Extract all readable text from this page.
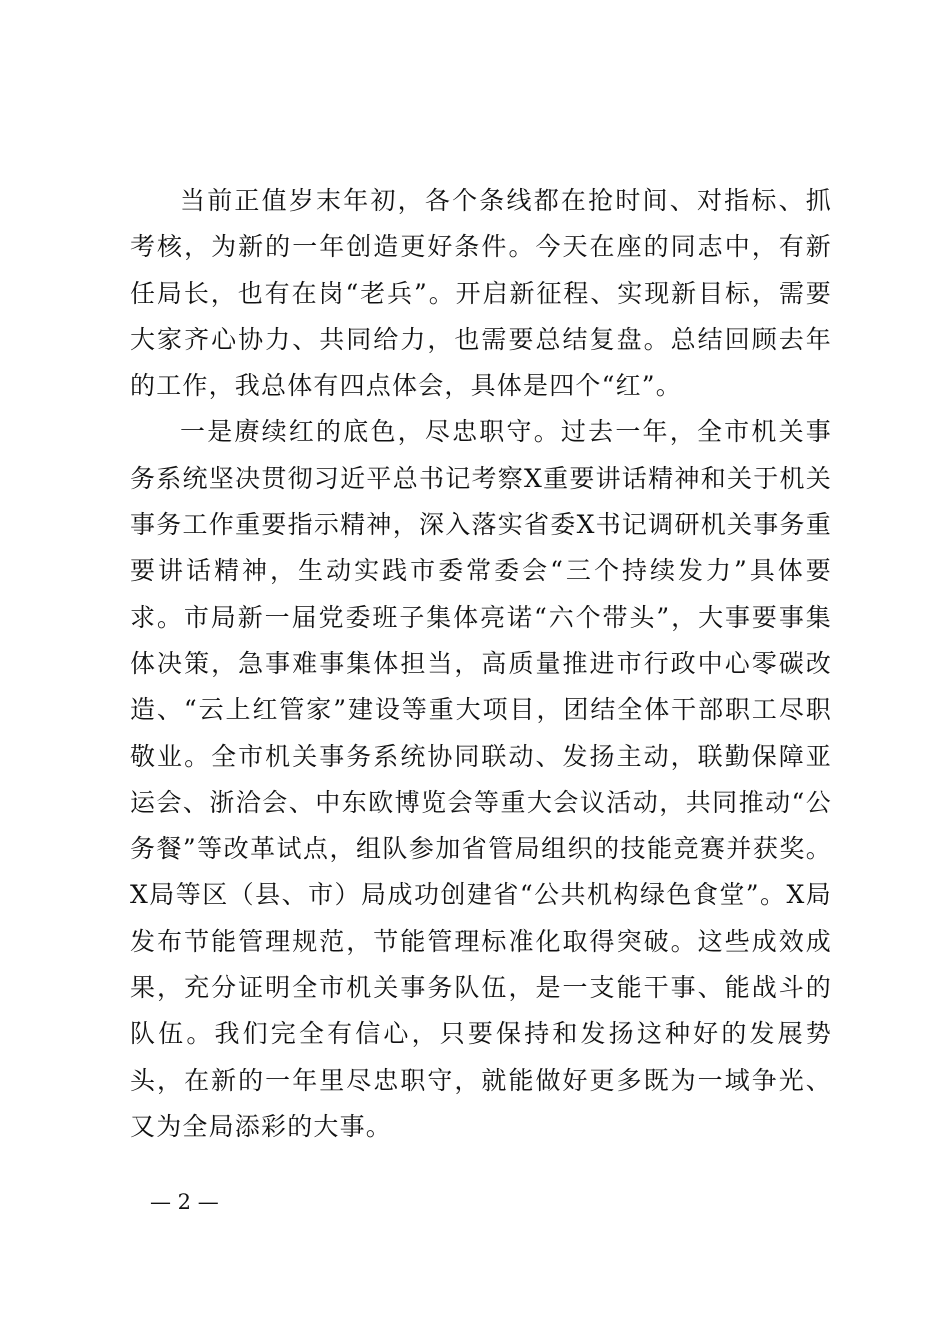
当前正值岁末年初，各个条线都在抢时间、对指标、抓考核，为新的一年创造更好条件。今天在座的同志中，有新任局长，也有在岗“老兵”。开启新征程、实现新目标，需要大家齐心协力、共同给力，也需要总结复盘。总结回顾去年的工作，我总体有四点体会，具体是四个“红”。

一是赓续红的底色，尽忠职守。过去一年，全市机关事务系统坚决贯彻习近平总书记考察X重要讲话精神和关于机关事务工作重要指示精神，深入落实省委X书记调研机关事务重要讲话精神，生动实践市委常委会“三个持续发力”具体要求。市局新一届党委班子集体亮诺“六个带头”，大事要事集体决策，急事难事集体担当，高质量推进市行政中心零碳改造、“云上红管家”建设等重大项目，团结全体干部职工尽职敬业。全市机关事务系统协同联动、发扬主动，联勤保障亚运会、浙洽会、中东欧博览会等重大会议活动，共同推动“公务餐”等改革试点，组队参加省管局组织的技能竞赛并获奖。X局等区（县、市）局成功创建省“公共机构绿色食堂”。X局发布节能管理规范，节能管理标准化取得突破。这些成效成果，充分证明全市机关事务队伍，是一支能干事、能战斗的队伍。我们完全有信心，只要保持和发扬这种好的发展势头，在新的一年里尽忠职守，就能做好更多既为一域争光、又为全局添彩的大事。

— 2 —
